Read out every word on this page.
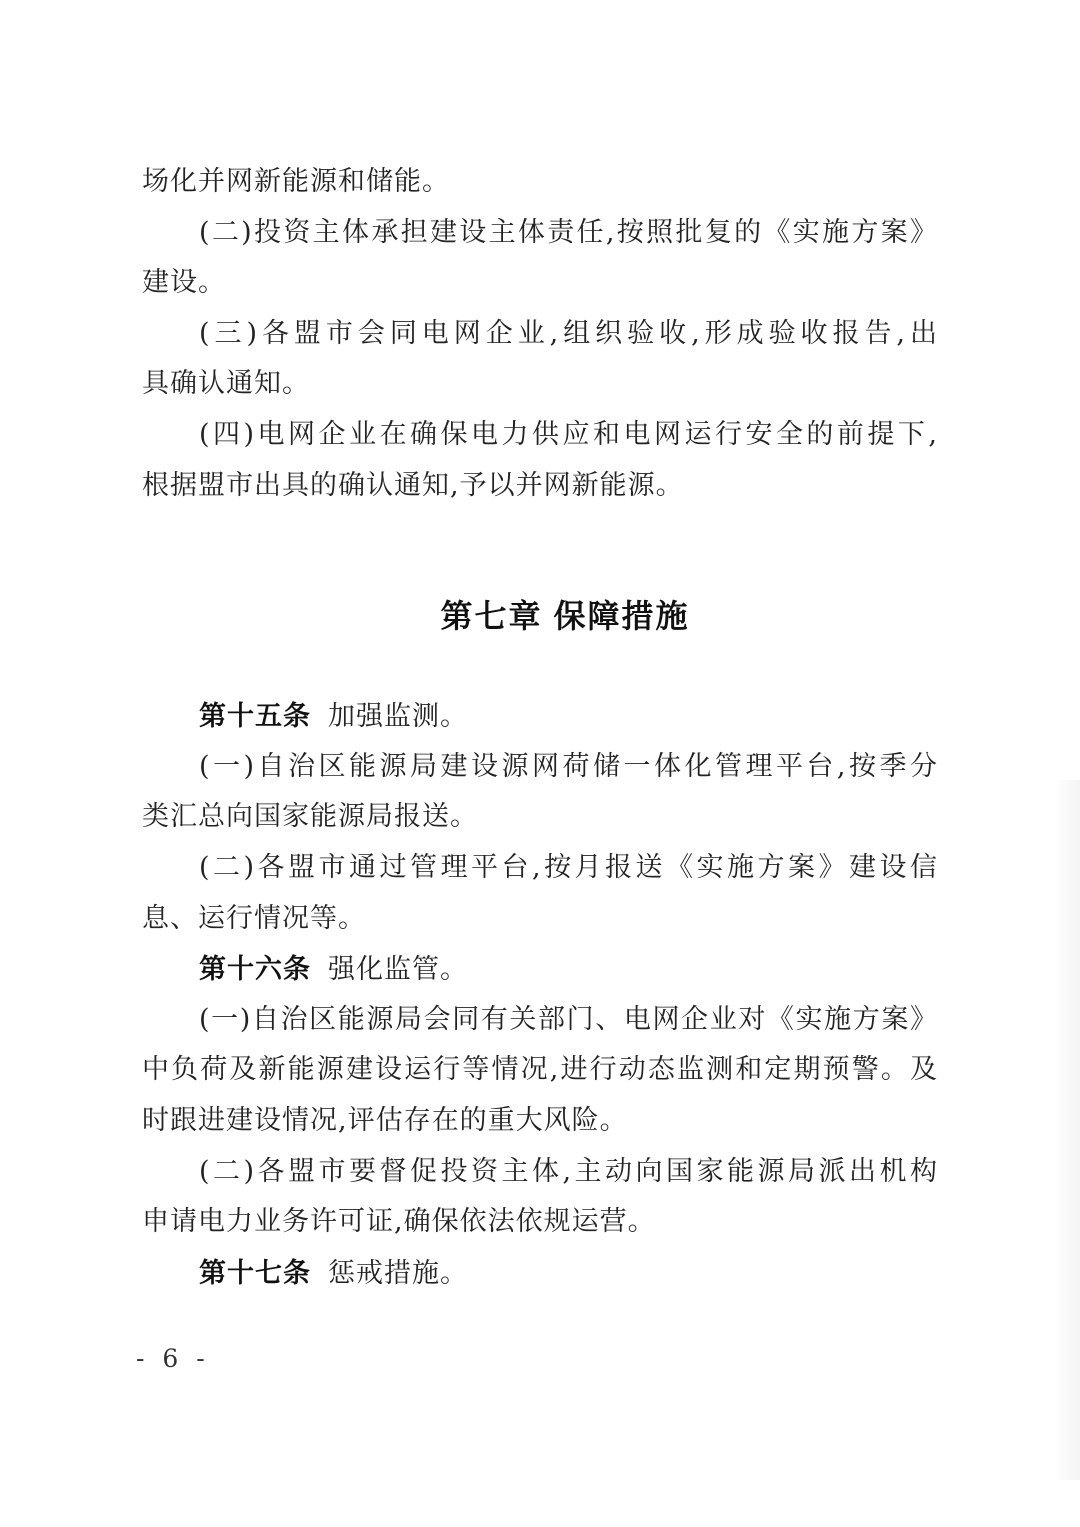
场化并网新能源和储能。
(二)投资主体承担建设主体责任,按照批复的《实施方案》
建设。
(三)各盟市会同电网企业,组织验收,形成验收报告,出
具确认通知。
(四)电网企业在确保电力供应和电网运行安全的前提下,
根据盟市出具的确认通知,予以并网新能源。
第七章 保障措施
第十五条 加强监测。
(一)自治区能源局建设源网荷储一体化管理平台,按季分
类汇总向国家能源局报送。
(二)各盟市通过管理平台,按月报送《实施方案》建设信
息、运行情况等。
第十六条 强化监管。
(一)自治区能源局会同有关部门、电网企业对《实施方案》
中负荷及新能源建设运行等情况,进行动态监测和定期预警。及
时跟进建设情况,评估存在的重大风险。
(二)各盟市要督促投资主体,主动向国家能源局派出机构
申请电力业务许可证,确保依法依规运营。
第十七条 惩戒措施。
- 6 -
